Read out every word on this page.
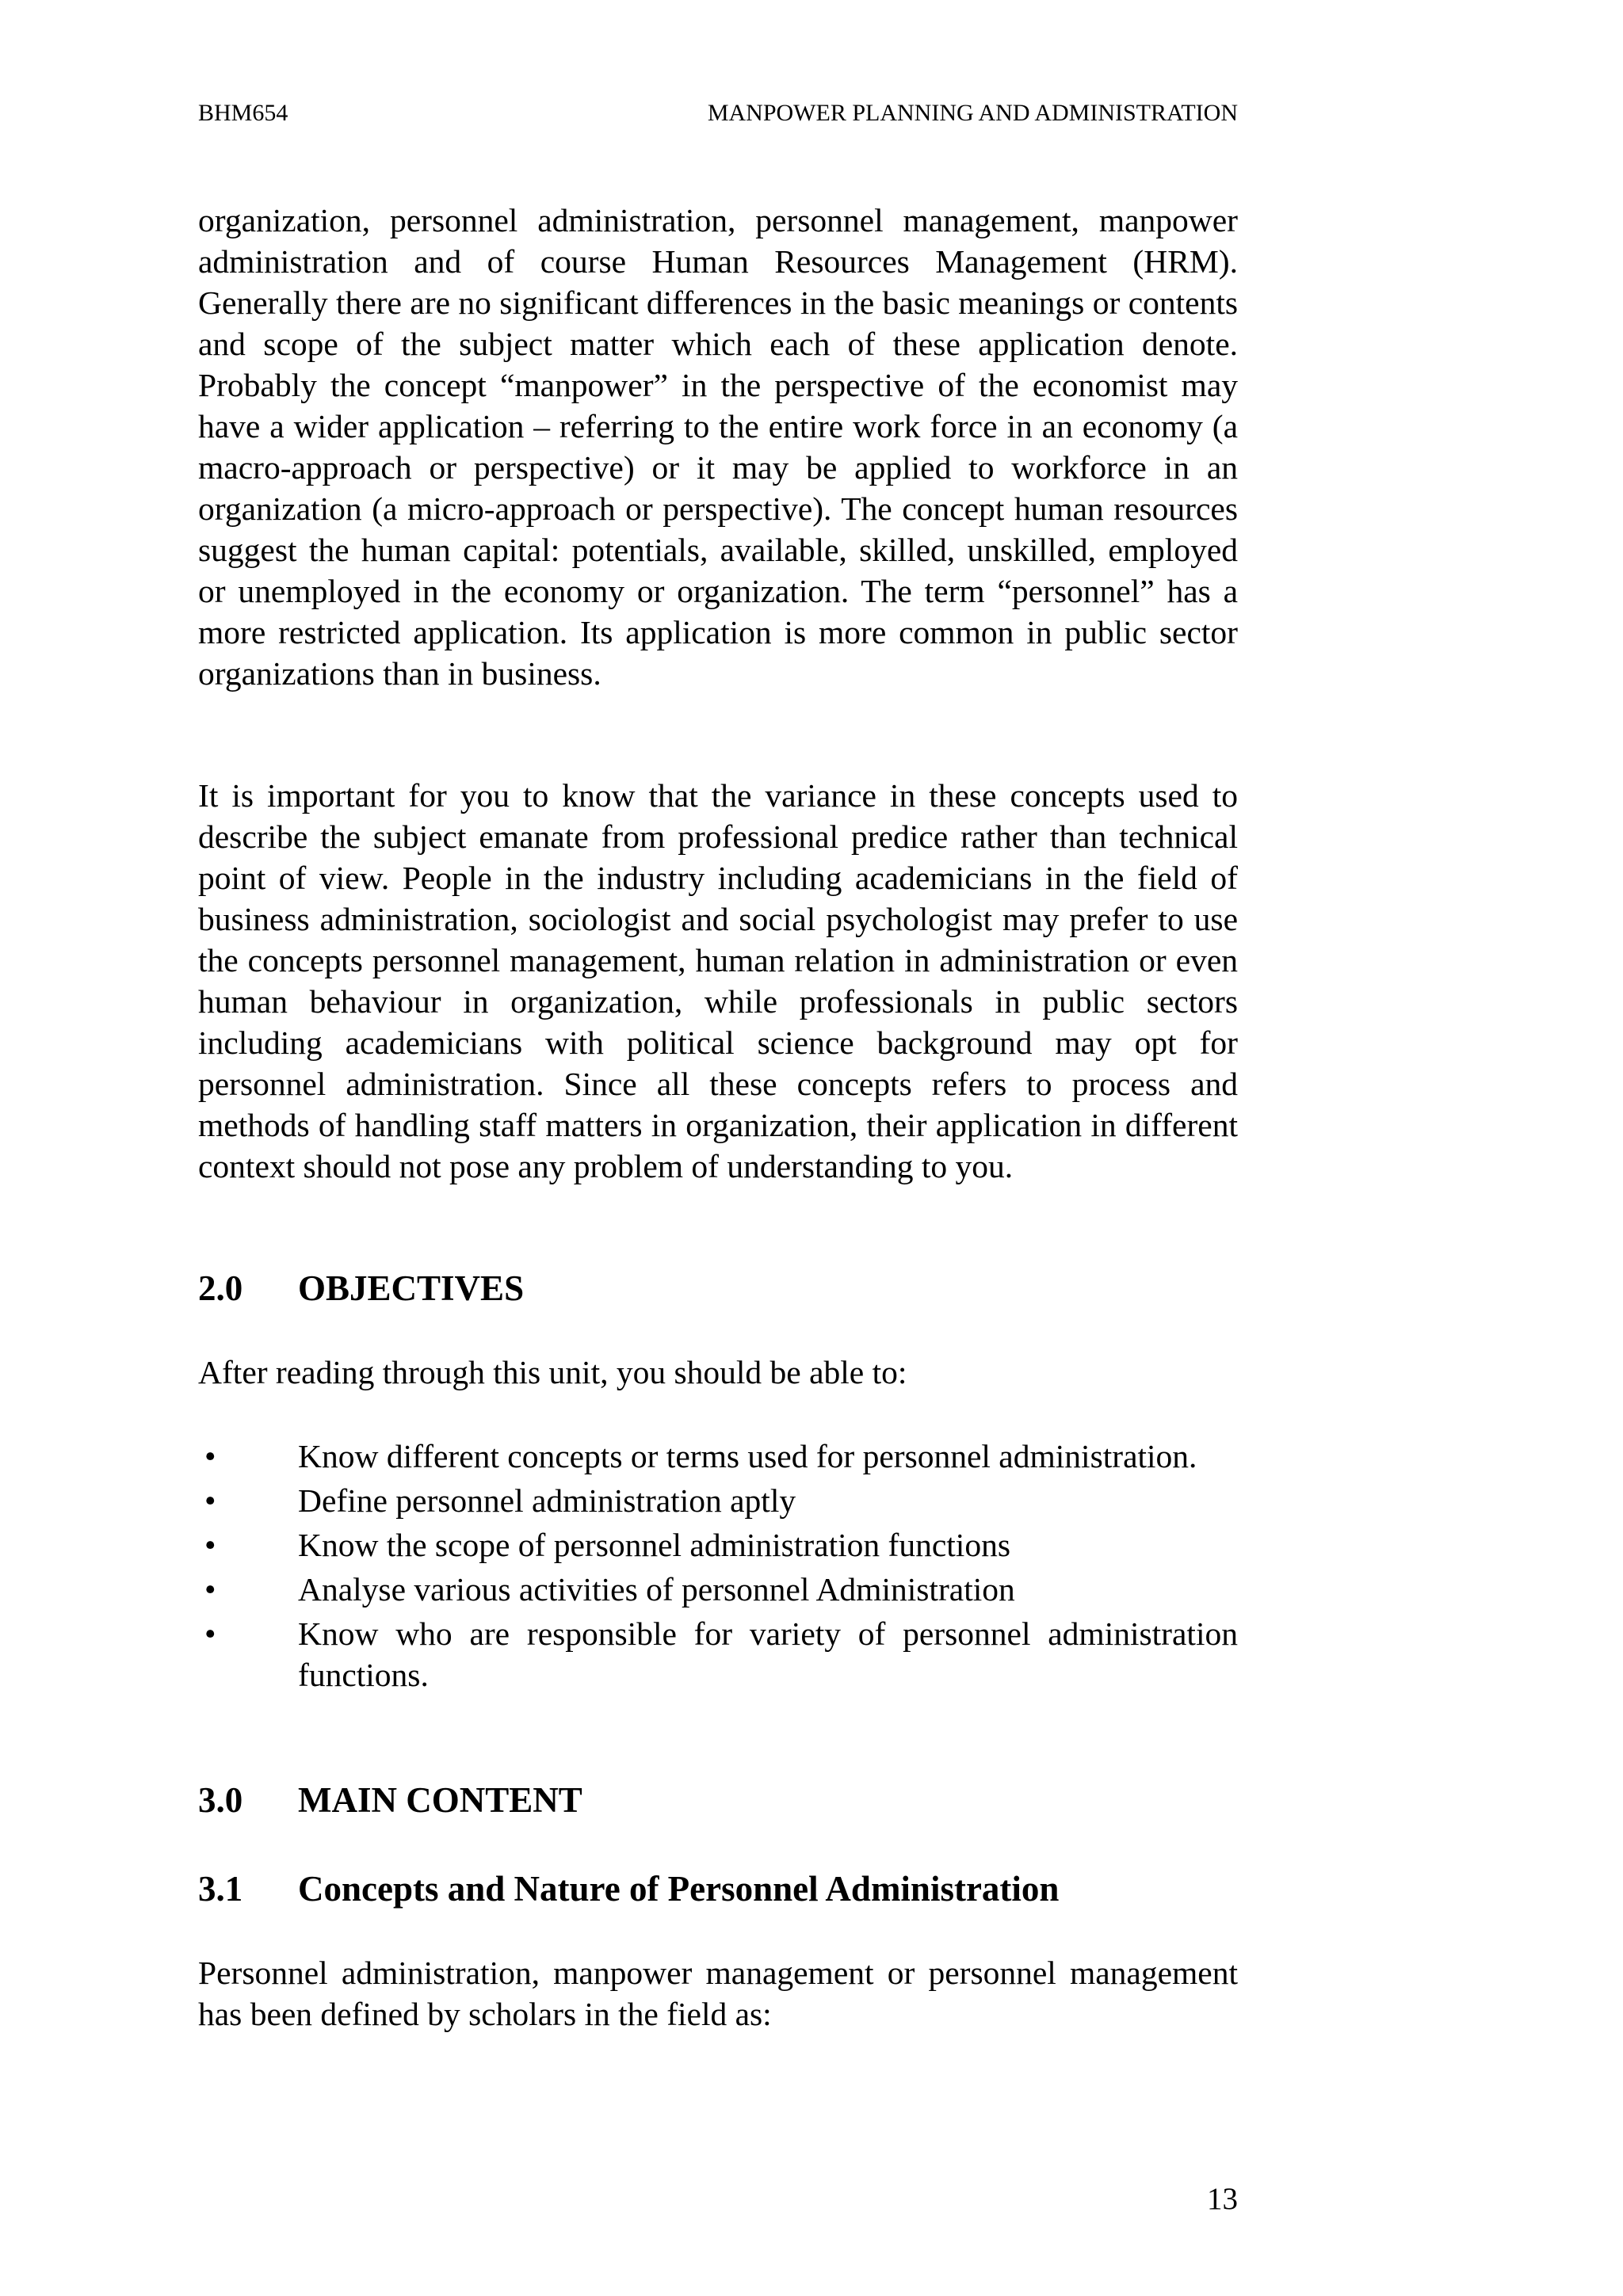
BHM654	MANPOWER PLANNING AND ADMINISTRATION

organization, personnel administration, personnel management, manpower administration and of course Human Resources Management (HRM). Generally there are no significant differences in the basic meanings or contents and scope of the subject matter which each of these application denote. Probably the concept “manpower” in the perspective of the economist may have a wider application – referring to the entire work force in an economy (a macro-approach or perspective) or it may be applied to workforce in an organization (a micro-approach or perspective). The concept human resources suggest the human capital: potentials, available, skilled, unskilled, employed or unemployed in the economy or organization. The term “personnel” has a more restricted application. Its application is more common in public sector organizations than in business.

It is important for you to know that the variance in these concepts used to describe the subject emanate from professional predice rather than technical point of view. People in the industry including academicians in the field of business administration, sociologist and social psychologist may prefer to use the concepts personnel management, human relation in administration or even human behaviour in organization, while professionals in public sectors including academicians with political science background may opt for personnel administration. Since all these concepts refers to process and methods of handling staff matters in organization, their application in different context should not pose any problem of understanding to you.

2.0 OBJECTIVES

After reading through this unit, you should be able to:

• Know different concepts or terms used for personnel administration.
• Define personnel administration aptly
• Know the scope of personnel administration functions
• Analyse various activities of personnel Administration
• Know who are responsible for variety of personnel administration functions.
3.0 MAIN CONTENT
3.1 Concepts and Nature of Personnel Administration

Personnel administration, manpower management or personnel management has been defined by scholars in the field as:

13
